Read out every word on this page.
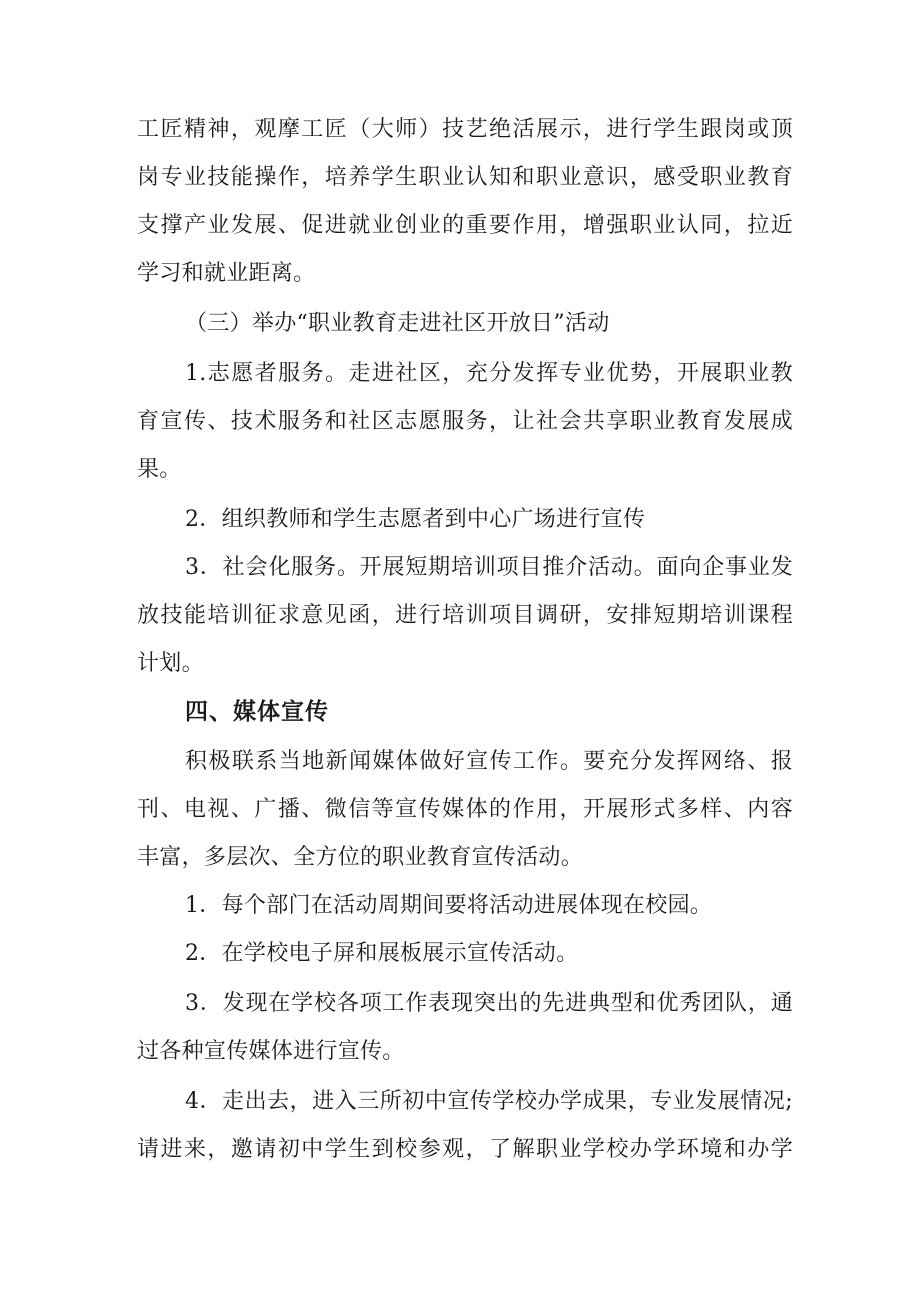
工匠精神，观摩工匠（大师）技艺绝活展示，进行学生跟岗或顶

岗专业技能操作，培养学生职业认知和职业意识，感受职业教育

支撑产业发展、促进就业创业的重要作用，增强职业认同，拉近

学习和就业距离。

（三）举办“职业教育走进社区开放日”活动

1.志愿者服务。走进社区，充分发挥专业优势，开展职业教

育宣传、技术服务和社区志愿服务，让社会共享职业教育发展成

果。

2．组织教师和学生志愿者到中心广场进行宣传

3．社会化服务。开展短期培训项目推介活动。面向企事业发

放技能培训征求意见函，进行培训项目调研，安排短期培训课程

计划。

四、媒体宣传

积极联系当地新闻媒体做好宣传工作。要充分发挥网络、报

刊、电视、广播、微信等宣传媒体的作用，开展形式多样、内容

丰富，多层次、全方位的职业教育宣传活动。

1．每个部门在活动周期间要将活动进展体现在校园。

2．在学校电子屏和展板展示宣传活动。

3．发现在学校各项工作表现突出的先进典型和优秀团队，通

过各种宣传媒体进行宣传。

4．走出去，进入三所初中宣传学校办学成果，专业发展情况;

请进来，邀请初中学生到校参观，了解职业学校办学环境和办学
